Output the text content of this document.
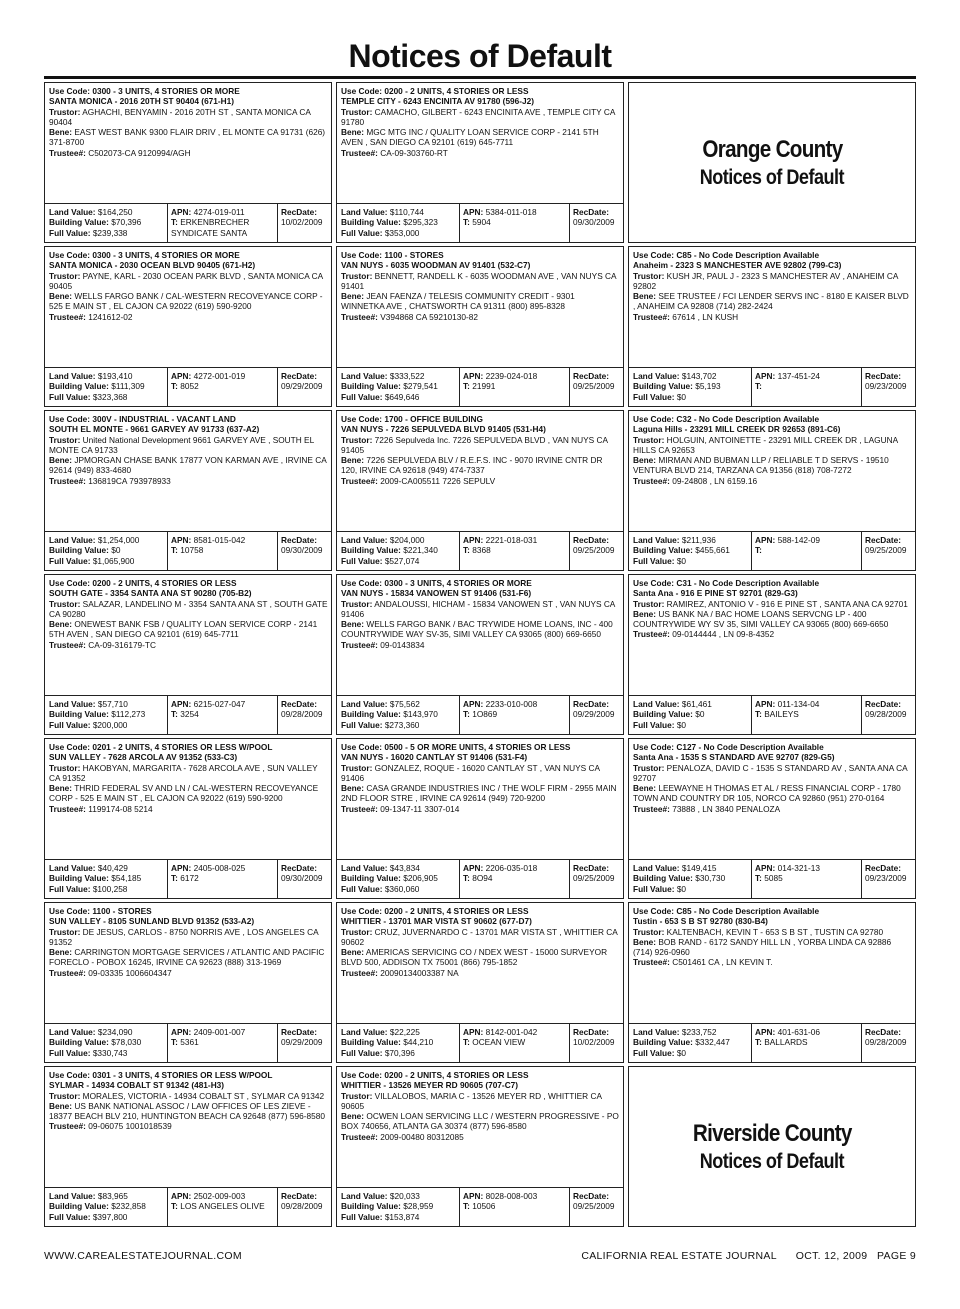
Notices of Default
Use Code: 0300 - 3 UNITS, 4 STORIES OR MORE
SANTA MONICA - 2016 20TH ST 90404 (671-H1)
Trustor: AGHACHI, BENYAMIN - 2016 20TH ST , SANTA MONICA CA 90404
Bene: EAST WEST BANK 9300 FLAIR DRIV , EL MONTE CA 91731 (626) 371-8700
Trustee#: C502073-CA 9120994/AGH
Land Value: $164,250
Building Value: $70,396
Full Value: $239,338
APN: 4274-019-011
T: ERKENBRECHER SYNDICATE SANTA
RecDate:
10/02/2009
Use Code: 0300 - 3 UNITS, 4 STORIES OR MORE
SANTA MONICA - 2030 OCEAN BLVD 90405 (671-H2)
Trustor: PAYNE, KARL - 2030 OCEAN PARK BLVD , SANTA MONICA CA 90405
Bene: WELLS FARGO BANK / CAL-WESTERN RECOVEYANCE CORP - 525 E MAIN ST , EL CAJON CA 92022 (619) 590-9200
Trustee#: 1241612-02
Land Value: $193,410
Building Value: $111,309
Full Value: $323,368
APN: 4272-001-019
T: 8052
RecDate:
09/29/2009
Use Code: 300V - INDUSTRIAL - VACANT LAND
SOUTH EL MONTE - 9661 GARVEY AV 91733 (637-A2)
Trustor: United National Development 9661 GARVEY AVE , SOUTH EL MONTE CA 91733
Bene: JPMORGAN CHASE BANK 17877 VON KARMAN AVE , IRVINE CA 92614 (949) 833-4680
Trustee#: 136819CA 793978933
Land Value: $1,254,000
Building Value: $0
Full Value: $1,065,900
APN: 8581-015-042
T: 10758
RecDate:
09/30/2009
Use Code: 0200 - 2 UNITS, 4 STORIES OR LESS
SOUTH GATE - 3354 SANTA ANA ST 90280 (705-B2)
Trustor: SALAZAR, LANDELINO M - 3354 SANTA ANA ST , SOUTH GATE CA 90280
Bene: ONEWEST BANK FSB / QUALITY LOAN SERVICE CORP - 2141 5TH AVEN , SAN DIEGO CA 92101 (619) 645-7711
Trustee#: CA-09-316179-TC
Land Value: $57,710
Building Value: $112,273
Full Value: $200,000
APN: 6215-027-047
T: 3254
RecDate:
09/28/2009
Use Code: 0201 - 2 UNITS, 4 STORIES OR LESS W/POOL
SUN VALLEY - 7628 ARCOLA AV 91352 (533-C3)
Trustor: HAKOBYAN, MARGARITA - 7628 ARCOLA AVE , SUN VALLEY CA 91352
Bene: THRID FEDERAL SV AND LN / CAL-WESTERN RECOVEYANCE CORP - 525 E MAIN ST , EL CAJON CA 92022 (619) 590-9200
Trustee#: 1199174-08 5214
Land Value: $40,429
Building Value: $54,185
Full Value: $100,258
APN: 2405-008-025
T: 6172
RecDate:
09/30/2009
Use Code: 1100 - STORES
SUN VALLEY - 8105 SUNLAND BLVD 91352 (533-A2)
Trustor: DE JESUS, CARLOS - 8750 NORRIS AVE , LOS ANGELES CA 91352
Bene: CARRINGTON MORTGAGE SERVICES / ATLANTIC AND PACIFIC FORECLO - POBOX 16245, IRVINE CA 92623 (888) 313-1969
Trustee#: 09-03335 1006604347
Land Value: $234,090
Building Value: $78,030
Full Value: $330,743
APN: 2409-001-007
T: 5361
RecDate:
09/29/2009
Use Code: 0301 - 3 UNITS, 4 STORIES OR LESS W/POOL
SYLMAR - 14934 COBALT ST 91342 (481-H3)
Trustor: MORALES, VICTORIA - 14934 COBALT ST , SYLMAR CA 91342
Bene: US BANK NATIONAL ASSOC / LAW OFFICES OF LES ZIEVE - 18377 BEACH BLV 210, HUNTINGTON BEACH CA 92648 (877) 596-8580
Trustee#: 09-06075 1001018539
Land Value: $83,965
Building Value: $232,858
Full Value: $397,800
APN: 2502-009-003
T: LOS ANGELES OLIVE
RecDate:
09/28/2009
Use Code: 0200 - 2 UNITS, 4 STORIES OR LESS
TEMPLE CITY - 6243 ENCINITA AV 91780 (596-J2)
Trustor: CAMACHO, GILBERT - 6243 ENCINITA AVE , TEMPLE CITY CA 91780
Bene: MGC MTG INC / QUALITY LOAN SERVICE CORP - 2141 5TH AVEN , SAN DIEGO CA 92101 (619) 645-7711
Trustee#: CA-09-303760-RT
Land Value: $110,744
Building Value: $295,323
Full Value: $353,000
APN: 5384-011-018
T: 5904
RecDate:
09/30/2009
Use Code: 1100 - STORES
VAN NUYS - 6035 WOODMAN AV 91401 (532-C7)
Trustor: BENNETT, RANDELL K - 6035 WOODMAN AVE , VAN NUYS CA 91401
Bene: JEAN FAENZA / TELESIS COMMUNITY CREDIT - 9301 WINNETKA AVE , CHATSWORTH CA 91311 (800) 895-8328
Trustee#: V394868 CA 59210130-82
Land Value: $333,522
Building Value: $279,541
Full Value: $649,646
APN: 2239-024-018
T: 21991
RecDate:
09/25/2009
Use Code: 1700 - OFFICE BUILDING
VAN NUYS - 7226 SEPULVEDA BLVD 91405 (531-H4)
Trustor: 7226 Sepulveda Inc. 7226 SEPULVEDA BLVD , VAN NUYS CA 91405
Bene: 7226 SEPULVEDA BLV / R.E.F.S. INC - 9070 IRVINE CNTR DR 120, IRVINE CA 92618 (949) 474-7337
Trustee#: 2009-CA005511 7226 SEPULV
Land Value: $204,000
Building Value: $221,340
Full Value: $527,074
APN: 2221-018-031
T: 8368
RecDate:
09/25/2009
Use Code: 0300 - 3 UNITS, 4 STORIES OR MORE
VAN NUYS - 15834 VANOWEN ST 91406 (531-F6)
Trustor: ANDALOUSSI, HICHAM - 15834 VANOWEN ST , VAN NUYS CA 91406
Bene: WELLS FARGO BANK / BAC TRYWIDE HOME LOANS, INC - 400 COUNTRYWIDE WAY SV-35, SIMI VALLEY CA 93065 (800) 669-6650
Trustee#: 09-0143834
Land Value: $75,562
Building Value: $143,970
Full Value: $273,360
APN: 2233-010-008
T: 1O869
RecDate:
09/29/2009
Use Code: 0500 - 5 OR MORE UNITS, 4 STORIES OR LESS
VAN NUYS - 16020 CANTLAY ST 91406 (531-F4)
Trustor: GONZALEZ, ROQUE - 16020 CANTLAY ST , VAN NUYS CA 91406
Bene: CASA GRANDE INDUSTRIES INC / THE WOLF FIRM - 2955 MAIN 2ND FLOOR STRE , IRVINE CA 92614 (949) 720-9200
Trustee#: 09-1347-11 3307-014
Land Value: $43,834
Building Value: $206,905
Full Value: $360,060
APN: 2206-035-018
T: 8O94
RecDate:
09/25/2009
Use Code: 0200 - 2 UNITS, 4 STORIES OR LESS
WHITTIER - 13701 MAR VISTA ST 90602 (677-D7)
Trustor: CRUZ, JUVERNARDO C - 13701 MAR VISTA ST , WHITTIER CA 90602
Bene: AMERICAS SERVICING CO / NDEX WEST - 15000 SURVEYOR BLVD 500, ADDISON TX 75001 (866) 795-1852
Trustee#: 20090134003387 NA
Land Value: $22,225
Building Value: $44,210
Full Value: $70,396
APN: 8142-001-042
T: OCEAN VIEW
RecDate:
10/02/2009
Use Code: 0200 - 2 UNITS, 4 STORIES OR LESS
WHITTIER - 13526 MEYER RD 90605 (707-C7)
Trustor: VILLALOBOS, MARIA C - 13526 MEYER RD , WHITTIER CA 90605
Bene: OCWEN LOAN SERVICING LLC / WESTERN PROGRESSIVE - PO BOX 740656, ATLANTA GA 30374 (877) 596-8580
Trustee#: 2009-00480 80312085
Land Value: $20,033
Building Value: $28,959
Full Value: $153,874
APN: 8028-008-003
T: 10506
RecDate:
09/25/2009
Orange County
Notices of Default
Use Code: C85 - No Code Description Available
Anaheim - 2323 S MANCHESTER AVE 92802 (799-C3)
Trustor: KUSH JR, PAUL J - 2323 S MANCHESTER AV , ANAHEIM CA 92802
Bene: SEE TRUSTEE / FCI LENDER SERVS INC - 8180 E KAISER BLVD , ANAHEIM CA 92808 (714) 282-2424
Trustee#: 67614 , LN KUSH
Land Value: $143,702
Building Value: $5,193
Full Value: $0
APN: 137-451-24
T:
RecDate:
09/23/2009
Use Code: C32 - No Code Description Available
Laguna Hills - 23291 MILL CREEK DR 92653 (891-C6)
Trustor: HOLGUIN, ANTOINETTE - 23291 MILL CREEK DR , LAGUNA HILLS CA 92653
Bene: MIRMAN AND BUBMAN LLP / RELIABLE T D SERVS - 19510 VENTURA BLVD 214, TARZANA CA 91356 (818) 708-7272
Trustee#: 09-24808 , LN 6159.16
Land Value: $211,936
Building Value: $455,661
Full Value: $0
APN: 588-142-09
T:
RecDate:
09/25/2009
Use Code: C31 - No Code Description Available
Santa Ana - 916 E PINE ST 92701 (829-G3)
Trustor: RAMIREZ, ANTONIO V - 916 E PINE ST , SANTA ANA CA 92701
Bene: US BANK NA / BAC HOME LOANS SERVCNG LP - 400 COUNTRYWIDE WY SV 35, SIMI VALLEY CA 93065 (800) 669-6650
Trustee#: 09-0144444 , LN 09-8-4352
Land Value: $61,461
Building Value: $0
Full Value: $0
APN: 011-134-04
T: BAILEYS
RecDate:
09/28/2009
Use Code: C127 - No Code Description Available
Santa Ana - 1535 S STANDARD AVE 92707 (829-G5)
Trustor: PENALOZA, DAVID C - 1535 S STANDARD AV , SANTA ANA CA 92707
Bene: LEEWAYNE H THOMAS ET AL / RESS FINANCIAL CORP - 1780 TOWN AND COUNTRY DR 105, NORCO CA 92860 (951) 270-0164
Trustee#: 73888 , LN 3840 PENALOZA
Land Value: $149,415
Building Value: $30,730
Full Value: $0
APN: 014-321-13
T: 5085
RecDate:
09/23/2009
Use Code: C85 - No Code Description Available
Tustin - 653 S B ST 92780 (830-B4)
Trustor: KALTENBACH, KEVIN T - 653 S B ST , TUSTIN CA 92780
Bene: BOB RAND - 6172 SANDY HILL LN , YORBA LINDA CA 92886 (714) 926-0960
Trustee#: C501461 CA , LN KEVIN T.
Land Value: $233,752
Building Value: $332,447
Full Value: $0
APN: 401-631-06
T: BALLARDS
RecDate:
09/28/2009
Riverside County
Notices of Default
WWW.CAREALESTATEJOURNAL.COM	CALIFORNIA REAL ESTATE JOURNAL OCT. 12, 2009 PAGE 9
